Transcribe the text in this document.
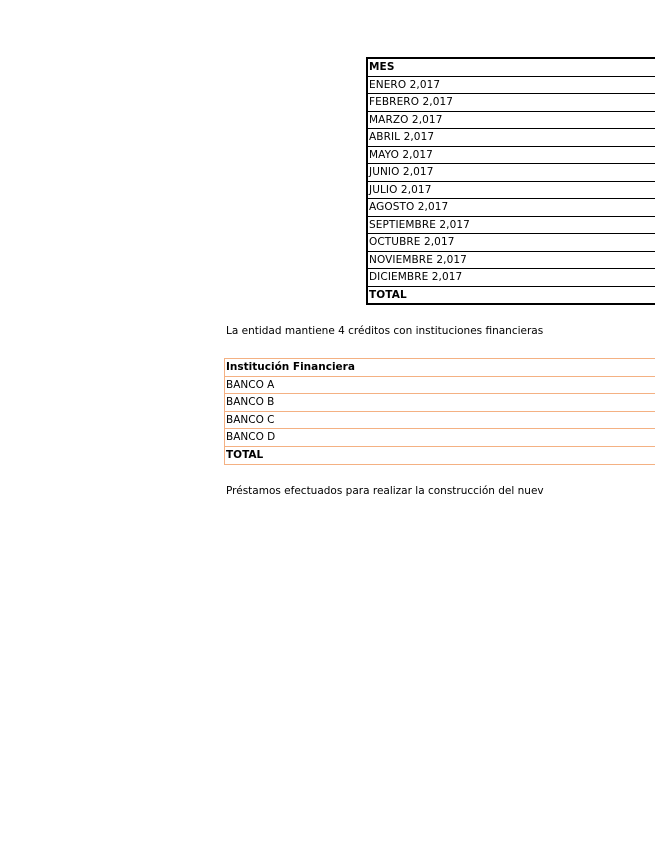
MES
ENERO 2,017
FEBRERO 2,017
MARZO 2,017
ABRIL 2,017
MAYO 2,017
JUNIO 2,017
JULIO 2,017
AGOSTO 2,017
SEPTIEMBRE 2,017
OCTUBRE 2,017
NOVIEMBRE 2,017
DICIEMBRE 2,017
TOTAL
La entidad mantiene 4 créditos con instituciones financieras
Institución Financiera
BANCO A
BANCO B
BANCO C
BANCO D
TOTAL
Préstamos efectuados para realizar la construcción del nuev
